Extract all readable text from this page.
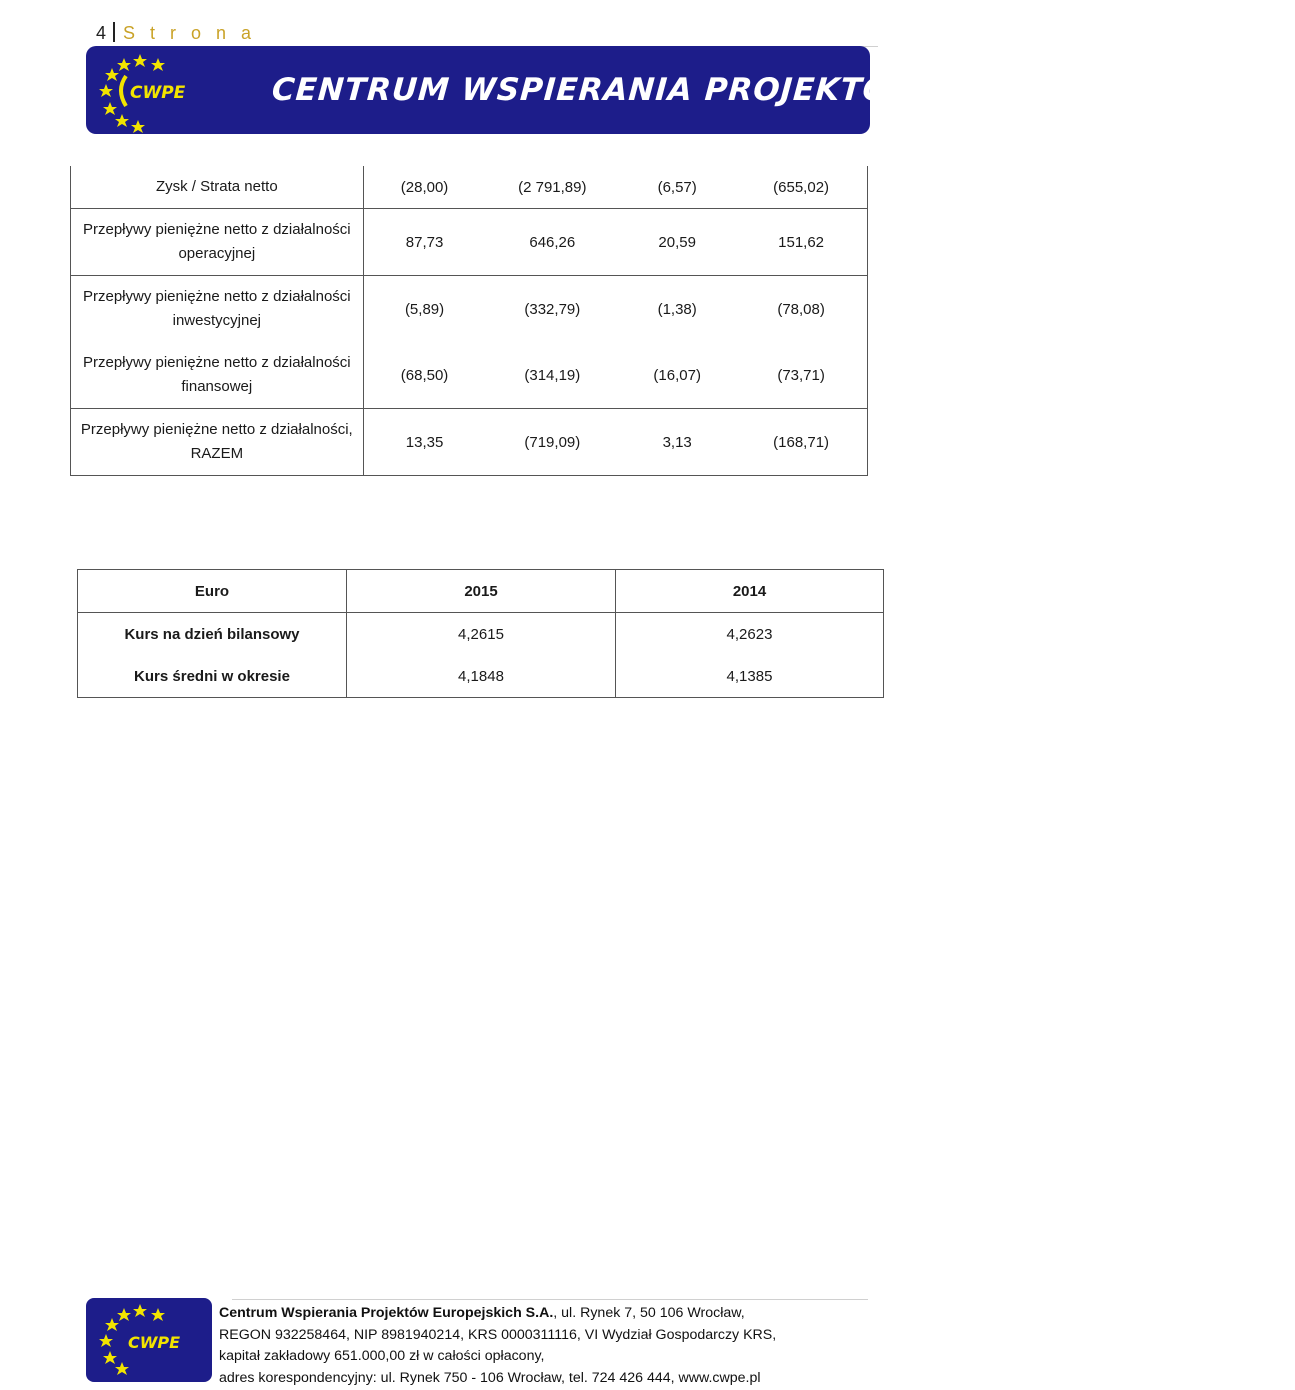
4 S t r o n a
CWPE	CENTRUM WSPIERANIA PROJEKTÓW EUROPEJSKICH S.A.
Zysk / Strata netto	(28,00)	(2 791,89)	(6,57)	(655,02)
Przepływy pieniężne netto z działalności operacyjnej	87,73	646,26	20,59	151,62
Przepływy pieniężne netto z działalności inwestycyjnej	(5,89)	(332,79)	(1,38)	(78,08)
Przepływy pieniężne netto z działalności finansowej	(68,50)	(314,19)	(16,07)	(73,71)
Przepływy pieniężne netto z działalności, RAZEM	13,35	(719,09)	3,13	(168,71)
Euro	2015	2014
Kurs na dzień bilansowy	4,2615	4,2623
Kurs średni w okresie	4,1848	4,1385
CWPE
Centrum Wspierania Projektów Europejskich S.A., ul. Rynek 7, 50 106 Wrocław,
REGON 932258464, NIP 8981940214, KRS 0000311116, VI Wydział Gospodarczy KRS,
kapitał zakładowy 651.000,00 zł w całości opłacony,
adres korespondencyjny: ul. Rynek 750 - 106 Wrocław, tel. 724 426 444, www.cwpe.pl
